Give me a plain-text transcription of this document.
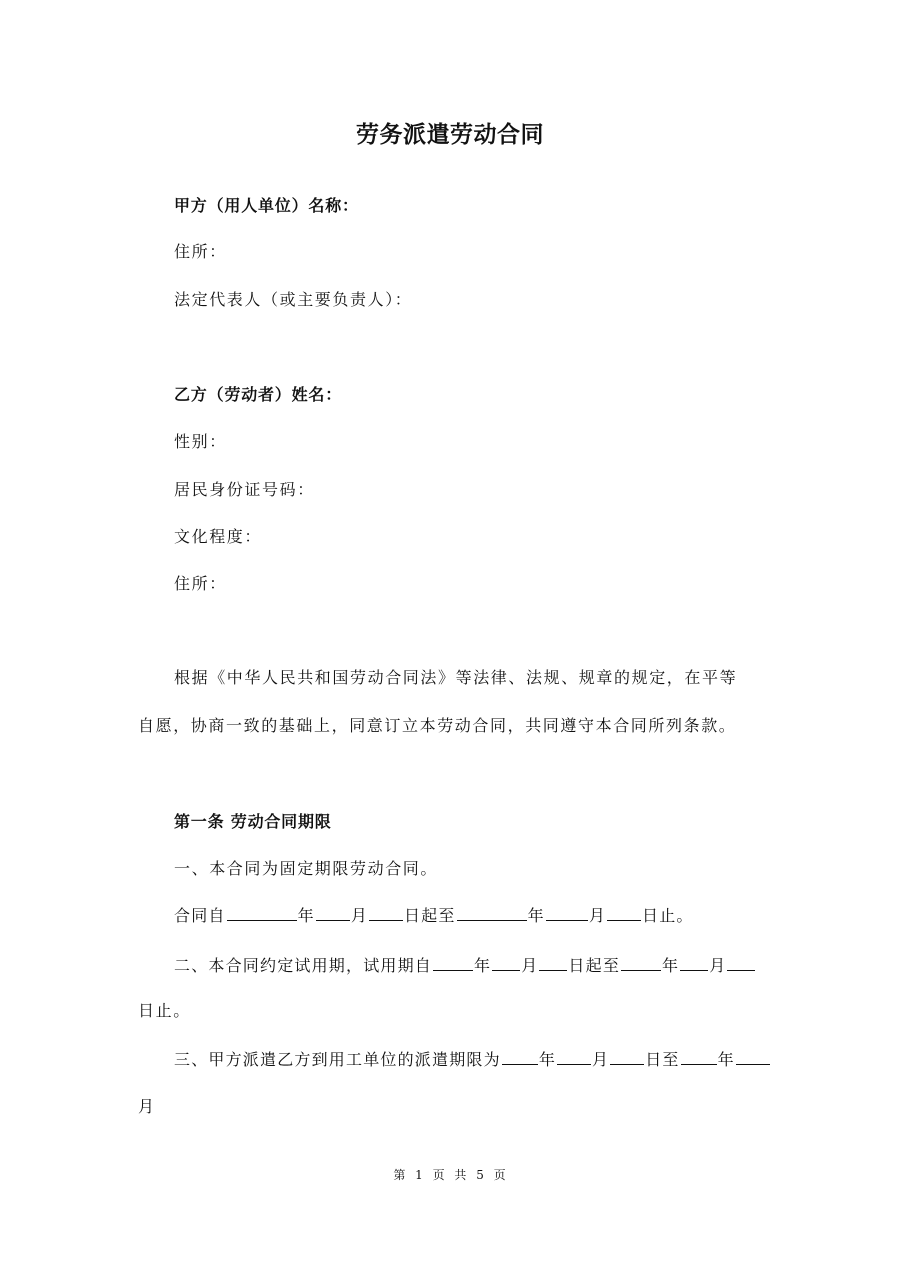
劳务派遣劳动合同
甲方（用人单位）名称：
住所：
法定代表人（或主要负责人）：
乙方（劳动者）姓名：
性别：
居民身份证号码：
文化程度：
住所：
根据《中华人民共和国劳动合同法》等法律、法规、规章的规定，在平等
自愿，协商一致的基础上，同意订立本劳动合同，共同遵守本合同所列条款。
第一条 劳动合同期限
一、本合同为固定期限劳动合同。
合同自	年 月 日起至	年	月 日止。
二、本合同约定试用期，试用期自	年 月 日起至	年 月
日止。
三、甲方派遣乙方到用工单位的派遣期限为 年 月 日至 年
月
第 1 页 共 5 页
